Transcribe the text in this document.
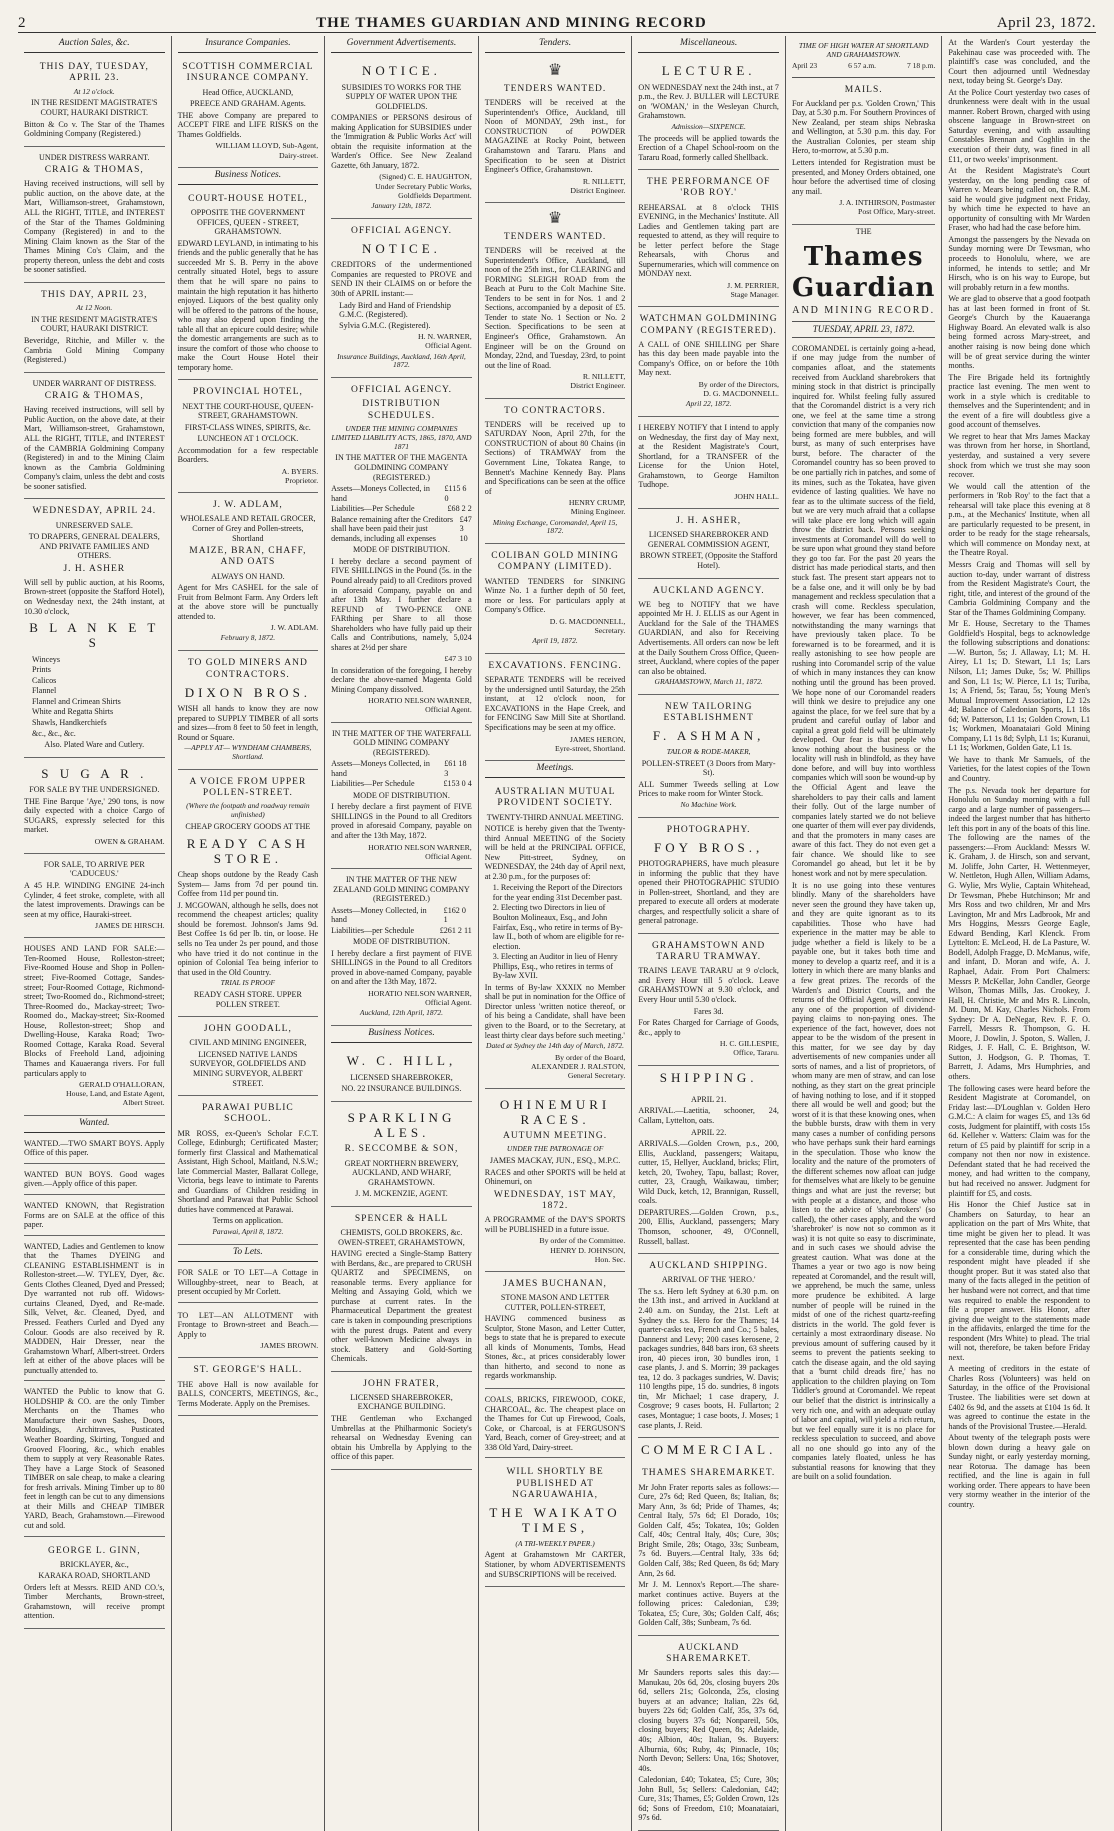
2	THE THAMES GUARDIAN AND MINING RECORD	April 23, 1872.
Auction Sales, &c.
THIS DAY, TUESDAY, APRIL 23.
At 12 o'clock.
IN THE RESIDENT MAGISTRATE'S COURT, HAURAKI DISTRICT.
Bitton & Co v. The Star of the Thames Goldmining Company (Registered.)
UNDER DISTRESS WARRANT.
CRAIG & THOMAS,
Having received instructions, will sell by public auction, on the above date, at the Mart, Williamson-street, Grahamstown, ALL the RIGHT, TITLE, and INTEREST of the Star of the Thames Goldmining Company (Registered) in and to the Mining Claim known as the Star of the Thames Mining Co's Claim, and the property thereon, unless the debt and costs be sooner satisfied.
THIS DAY, APRIL 23,
At 12 Noon.
IN THE RESIDENT MAGISTRATE'S COURT, HAURAKI DISTRICT.
Beveridge, Ritchie, and Miller v. the Cambria Gold Mining Company (Registered.)
UNDER WARRANT OF DISTRESS.
CRAIG & THOMAS,
Having received instructions, will sell by Public Auction, on the above date, at their Mart, Williamson-street, Grahamstown, ALL the RIGHT, TITLE, and INTEREST of the CAMBRIA Goldmining Company (Registered) in and to the Mining Claim known as the Cambria Goldmining Company's claim, unless the debt and costs be sooner satisfied.
WEDNESDAY, APRIL 24.
UNRESERVED SALE.
TO DRAPERS, GENERAL DEALERS, AND PRIVATE FAMILIES AND OTHERS.
J. H. ASHER
Will sell by public auction, at his Rooms, Brown-street (opposite the Stafford Hotel), on Wednesday next, the 24th instant, at 10.30 o'clock,
B L A N K E T S
Winceys
Prints
Calicos
Flannel
Flannel and Crimean Shirts
White and Regatta Shirts
Shawls, Handkerchiefs
&c., &c., &c.
Also. Plated Ware and Cutlery.
S U G A R .
FOR SALE BY THE UNDERSIGNED.
THE Fine Barque 'Aye,' 290 tons, is now daily expected with a choice Cargo of SUGARS, expressly selected for this market.
OWEN & GRAHAM.
FOR SALE, TO ARRIVE PER 'CADUCEUS.'
A 45 H.P. WINDING ENGINE 24-inch Cylinder, 4 feet stroke, complete, with all the latest improvements. Drawings can be seen at my office, Hauraki-street.
JAMES DE HIRSCH.
HOUSES AND LAND FOR SALE:— Ten-Roomed House, Rolleston-street; Five-Roomed House and Shop in Pollen-street; Five-Roomed Cottage, Sandes-street; Four-Roomed Cottage, Richmond-street; Two-Roomed do., Richmond-street; Three-Roomed do., Mackay-street; Two-Roomed do., Mackay-street; Six-Roomed House, Rolleston-street; Shop and Dwelling-House, Karaka Road; Two-Roomed Cottage, Karaka Road. Several Blocks of Freehold Land, adjoining Thames and Kauaeranga rivers. For full particulars apply to
GERALD O'HALLORAN,
House, Land, and Estate Agent,
Albert Street.
Wanted.
WANTED.—TWO SMART BOYS. Apply Office of this paper.
WANTED BUN BOYS. Good wages given.—Apply office of this paper.
WANTED KNOWN, that Registration Forms are on SALE at the office of this paper.
WANTED, Ladies and Gentlemen to know that the Thames DYEING and CLEANING ESTABLISHMENT is in Rolleston-street.—W. TYLEY, Dyer, &c. Gents Clothes Cleaned, Dyed and Pressed; Dye warranted not rub off. Widows-curtains Cleaned, Dyed, and Re-made. Silk, Velvet, &c. Cleaned, Dyed, and Pressed. Feathers Curled and Dyed any Colour. Goods are also received by R. MADDEN, Hair Dresser, near the Grahamstown Wharf, Albert-street. Orders left at either of the above places will be punctually attended to.
WANTED the Public to know that G. HOLDSHIP & CO. are the only Timber Merchants on the Thames who Manufacture their own Sashes, Doors, Mouldings, Architraves, Pusticated Weather Boarding, Skirting, Tongued and Grooved Flooring, &c., which enables them to supply at very Reasonable Rates. They have a Large Stock of Seasoned TIMBER on sale cheap, to make a clearing for fresh arrivals. Mining Timber up to 80 feet in length can be cut to any dimensions at their Mills and CHEAP TIMBER YARD, Beach, Grahamstown.—Firewood cut and sold.
GEORGE L. GINN,
BRICKLAYER, &c.,
KARAKA ROAD, SHORTLAND
Orders left at Messrs. REID AND CO.'s, Timber Merchants, Brown-street, Grahamstown, will receive prompt attention.
Insurance Companies.
SCOTTISH COMMERCIAL INSURANCE COMPANY.
Head Office, AUCKLAND,
PREECE AND GRAHAM. Agents.
THE above Company are prepared to ACCEPT FIRE and LIFE RISKS on the Thames Goldfields.
WILLIAM LLOYD, Sub-Agent,
Dairy-street.
Business Notices.
COURT-HOUSE HOTEL,
OPPOSITE THE GOVERNMENT OFFICES, QUEEN - STREET, GRAHAMSTOWN.
EDWARD LEYLAND, in intimating to his friends and the public generally that he has succeeded Mr S. B. Perry in the above centrally situated Hotel, begs to assure them that he will spare no pains to maintain the high reputation it has hitherto enjoyed. Liquors of the best quality only will be offered to the patrons of the house, who may also depend upon finding the table all that an epicure could desire; while the domestic arrangements are such as to insure the comfort of those who choose to make the Court House Hotel their temporary home.
PROVINCIAL HOTEL,
NEXT THE COURT-HOUSE, QUEEN-STREET, GRAHAMSTOWN.
FIRST-CLASS WINES, SPIRITS, &c.
LUNCHEON AT 1 O'CLOCK.
Accommodation for a few respectable Boarders.
A. BYERS.
Proprietor.
J. W. ADLAM,
WHOLESALE AND RETAIL GROCER, Corner of Grey and Pollen-streets, Shortland
MAIZE, BRAN, CHAFF, AND OATS
ALWAYS ON HAND.
Agent for Mrs CASHEL for the sale of Fruit from Belmont Farm. Any Orders left at the above store will be punctually attended to.
J. W. ADLAM.
February 8, 1872.
TO GOLD MINERS AND CONTRACTORS.
DIXON BROS.
WISH all hands to know they are now prepared to SUPPLY TIMBER of all sorts and sizes—from 8 feet to 50 feet in length, Round or Square.
—APPLY AT— WYNDHAM CHAMBERS, Shortland.
A VOICE FROM UPPER POLLEN-STREET.
(Where the footpath and roadway remain unfinished)
CHEAP GROCERY GOODS AT THE
READY CASH STORE.
Cheap shops outdone by the Ready Cash System— Jams from 7d per pound tin. Coffee from 11d per pound tin.
J. MCGOWAN, although he sells, does not recommend the cheapest articles; quality should be foremost. Johnson's Jams 9d. Best Coffee 1s 6d per lb. tin, or loose. He sells no Tea under 2s per pound, and those who have tried it do not continue in the opinion of Colonial Tea being inferior to that used in the Old Country.
TRIAL IS PROOF
READY CASH STORE. UPPER POLLEN STREET.
JOHN GOODALL,
CIVIL AND MINING ENGINEER,
LICENSED NATIVE LANDS SURVEYOR, GOLDFIELDS AND MINING SURVEYOR, ALBERT STREET.
PARAWAI PUBLIC SCHOOL.
MR ROSS, ex-Queen's Scholar F.C.T. College, Edinburgh; Certificated Master; formerly first Classical and Mathematical Assistant, High School, Maitland, N.S.W.; late Commercial Master, Ballarat College, Victoria, begs leave to intimate to Parents and Guardians of Children residing in Shortland and Parawai that Public School duties have commenced at Parawai.
Terms on application.
Parawai, April 8, 1872.
To Lets.
FOR SALE or TO LET—A Cottage in Willoughby-street, near to Beach, at present occupied by Mr Corlett.
TO LET—AN ALLOTMENT with Frontage to Brown-street and Beach.— Apply to
JAMES BROWN.
ST. GEORGE'S HALL.
THE above Hall is now available for BALLS, CONCERTS, MEETINGS, &c., Terms Moderate. Apply on the Premises.
Government Advertisements.
NOTICE.
SUBSIDIES TO WORKS FOR THE SUPPLY OF WATER UPON THE GOLDFIELDS.
COMPANIES or PERSONS desirous of making Application for SUBSIDIES under the 'Immigration & Public Works Act' will obtain the requisite information at the Warden's Office. See New Zealand Gazette, 6th January, 1872.
(Signed) C. E. HAUGHTON,
Under Secretary Public Works,
Goldfields Department.
January 12th, 1872.
OFFICIAL AGENCY.
NOTICE.
CREDITORS of the undermentioned Companies are requested to PROVE and SEND IN their CLAIMS on or before the 30th of APRIL instant:—
Lady Bird and Hand of Friendship G.M.C. (Registered).
Sylvia G.M.C. (Registered).
H. N. WARNER,
Official Agent.
Insurance Buildings, Auckland, 16th April, 1872.
OFFICIAL AGENCY.
DISTRIBUTION SCHEDULES.
UNDER THE MINING COMPANIES LIMITED LIABILITY ACTS, 1865, 1870, AND 1871
IN THE MATTER OF THE MAGENTA GOLDMINING COMPANY (REGISTERED.)
Assets—Moneys Collected, in hand
£115 6 0
Liabilities—Per Schedule	£68 2 2
Balance remaining after the Creditors shall have been paid their just demands, including all expenses
£47 3 10
MODE OF DISTRIBUTION.
I hereby declare a second payment of FIVE SHILLINGS in the Pound (5s. in the Pound already paid) to all Creditors proved in aforesaid Company, payable on and after 13th May. I further declare a REFUND of TWO-PENCE ONE FARthing per Share to all those Shareholders who have fully paid up their Calls and Contributions, namely, 5,024 shares at 2½d per share
£47 3 10
In consideration of the foregoing, I hereby declare the above-named Magenta Gold Mining Company dissolved.
HORATIO NELSON WARNER,
Official Agent.
IN THE MATTER OF THE WATERFALL GOLD MINING COMPANY (REGISTERED).
Assets—Moneys Collected, in hand
£61 18 3
Liabilities—Per Schedule	£153 0 4
MODE OF DISTRIBUTION.
I hereby declare a first payment of FIVE SHILLINGS in the Pound to all Creditors proved in aforesaid Company, payable on and after the 13th May, 1872.
HORATIO NELSON WARNER,
Official Agent.
IN THE MATTER OF THE NEW ZEALAND GOLD MINING COMPANY (REGISTERED.)
Assets—Money Collected, in hand
£162 0 1
Liabilities—per Schedule	£261 2 11
MODE OF DISTRIBUTION.
I hereby declare a first payment of FIVE SHILLINGS in the Pound to all Creditors proved in above-named Company, payable on and after the 13th May, 1872.
HORATIO NELSON WARNER,
Official Agent.
Auckland, 12th April, 1872.
Business Notices.
W. C. HILL,
LICENSED SHAREBROKER,
NO. 22 INSURANCE BUILDINGS.
SPARKLING ALES.
R. SECCOMBE & SON,
GREAT NORTHERN BREWERY, AUCKLAND, AND WHARF, GRAHAMSTOWN.
J. M. MCKENZIE, AGENT.
SPENCER & HALL
CHEMISTS, GOLD BROKERS, &c. OWEN-STREET, GRAHAMSTOWN,
HAVING erected a Single-Stamp Battery with Berdans, &c., are prepared to CRUSH QUARTZ and SPECIMENS, on reasonable terms. Every appliance for Melting and Assaying Gold, which we purchase at current rates. In the Pharmaceutical Department the greatest care is taken in compounding prescriptions with the purest drugs. Patent and every other well-known Medicine always in stock. Battery and Gold-Sorting Chemicals.
JOHN FRATER,
LICENSED SHAREBROKER, EXCHANGE BUILDING.
THE Gentleman who Exchanged Umbrellas at the Philharmonic Society's rehearsal on Wednesday Evening can obtain his Umbrella by Applying to the office of this paper.
Tenders.
♛
TENDERS WANTED.
TENDERS will be received at the Superintendent's Office, Auckland, till Noon of MONDAY, 29th inst., for CONSTRUCTION of POWDER MAGAZINE at Rocky Point, between Grahamstown and Tararu. Plans and Specification to be seen at District Engineer's Office, Grahamstown.
R. NILLETT,
District Engineer.
♛
TENDERS WANTED.
TENDERS will be received at the Superintendent's Office, Auckland, till noon of the 25th inst., for CLEARING and FORMING SLEIGH ROAD from the Beach at Puru to the Colt Machine Site. Tenders to be sent in for Nos. 1 and 2 Sections, accompanied by a deposit of £5. Tender to state No. 1 Section or No. 2 Section. Specifications to be seen at Engineer's Office, Grahamstown. An Engineer will be on the Ground on Monday, 22nd, and Tuesday, 23rd, to point out the line of Road.
R. NILLETT,
District Engineer.
TO CONTRACTORS.
TENDERS will be received up to SATURDAY Noon, April 27th, for the CONSTRUCTION of about 80 Chains (in Sections) of TRAMWAY from the Government Line, Tokatea Range, to Bennett's Machine Kennedy Bay. Plans and Specifications can be seen at the office of
HENRY CRUMP,
Mining Engineer.
Mining Exchange, Coromandel, April 15, 1872.
COLIBAN GOLD MINING COMPANY (LIMITED).
WANTED TENDERS for SINKING Winze No. 1 a further depth of 50 feet, more or less. For particulars apply at Company's Office.
D. G. MACDONNELL,
Secretary.
April 19, 1872.
EXCAVATIONS. FENCING.
SEPARATE TENDERS will be received by the undersigned until Saturday, the 25th instant, at 12 o'clock noon, for EXCAVATIONS in the Hape Creek, and for FENCING Saw Mill Site at Shortland. Specifications may be seen at my office.
JAMES HERON,
Eyre-street, Shortland.
Meetings.
AUSTRALIAN MUTUAL PROVIDENT SOCIETY.
TWENTY-THIRD ANNUAL MEETING.
NOTICE is hereby given that the Twenty-third Annual MEETING of the Society will be held at the PRINCIPAL OFFICE, New Pitt-street, Sydney, on WEDNESDAY, the 24th day of April next, at 2.30 p.m., for the purposes of:
1. Receiving the Report of the Directors for the year ending 31st December past.
2. Electing two Directors in lieu of Boulton Molineaux, Esq., and John Fairfax, Esq., who retire in terms of By-law II., both of whom are eligible for re-election.
3. Electing an Auditor in lieu of Henry Phillips, Esq., who retires in terms of By-law XVII.
In terms of By-law XXXIX no Member shall be put in nomination for the Office of Director unless 'written notice thereof, or of his being a Candidate, shall have been given to the Board, or to the Secretary, at least thirty clear days before such meeting.'
Dated at Sydney the 14th day of March, 1872.
By order of the Board,
ALEXANDER J. RALSTON,
General Secretary.
OHINEMURI RACES.
AUTUMN MEETING.
UNDER THE PATRONAGE OF
JAMES MACKAY, JUN., ESQ., M.P.C.
RACES and other SPORTS will be held at Ohinemuri, on
WEDNESDAY, 1ST MAY, 1872.
A PROGRAMME of the DAY'S SPORTS will be PUBLISHED in a future issue.
By order of the Committee.
HENRY D. JOHNSON,
Hon. Sec.
JAMES BUCHANAN,
STONE MASON AND LETTER CUTTER, POLLEN-STREET,
HAVING commenced business as Sculptor, Stone Mason, and Letter Cutter, begs to state that he is prepared to execute all kinds of Monuments, Tombs, Head Stones, &c., at prices considerably lower than hitherto, and second to none as regards workmanship.
COALS, BRICKS, FIREWOOD, COKE, CHARCOAL, &c. The cheapest place on the Thames for Cut up Firewood, Coals, Coke, or Charcoal, is at FERGUSON'S Yard, Beach, corner of Grey-street; and at 338 Old Yard, Dairy-street.
WILL SHORTLY BE PUBLISHED AT NGARUAWAHIA,
THE WAIKATO TIMES,
(A TRI-WEEKLY PAPER.)
Agent at Grahamstown Mr CARTER, Stationer, by whom ADVERTISEMENTS and SUBSCRIPTIONS will be received.
Miscellaneous.
LECTURE.
ON WEDNESDAY next the 24th inst., at 7 p.m., the Rev. J. BULLER will LECTURE on 'WOMAN,' in the Wesleyan Church, Grahamstown.
Admission—SIXPENCE.
The proceeds will be applied towards the Erection of a Chapel School-room on the Tararu Road, formerly called Shellback.
THE PERFORMANCE OF 'ROB ROY.'
REHEARSAL at 8 o'clock THIS EVENING, in the Mechanics' Institute. All Ladies and Gentlemen taking part are requested to attend, as they will require to be letter perfect before the Stage Rehearsals, with Chorus and Supernumeraries, which will commence on MONDAY next.
J. M. PERRIER,
Stage Manager.
WATCHMAN GOLDMINING COMPANY (REGISTERED).
A CALL of ONE SHILLING per Share has this day been made payable into the Company's Office, on or before the 10th May next.
By order of the Directors,
D. G. MACDONNELL.
April 22, 1872.
I HEREBY NOTIFY that I intend to apply on Wednesday, the first day of May next, at the Resident Magistrate's Court, Shortland, for a TRANSFER of the License for the Union Hotel, Grahamstown, to George Hamilton Tudhope.
JOHN HALL.
J. H. ASHER,
LICENSED SHAREBROKER AND GENERAL COMMISSION AGENT,
BROWN STREET, (Opposite the Stafford Hotel).
AUCKLAND AGENCY.
WE beg to NOTIFY that we have appointed Mr H. J. ELLIS as our Agent in Auckland for the Sale of the THAMES GUARDIAN, and also for Receiving Advertisements. All orders can now be left at the Daily Southern Cross Office, Queen-street, Auckland, where copies of the paper can also be obtained.
GRAHAMSTOWN, March 11, 1872.
NEW TAILORING ESTABLISHMENT
F. ASHMAN,
TAILOR & RODE-MAKER,
POLLEN-STREET (3 Doors from Mary-St).
ALL Summer Tweeds selling at Low Prices to make room for Winter Stock.
No Machine Work.
PHOTOGRAPHY.
FOY BROS.,
PHOTOGRAPHERS, have much pleasure in informing the public that they have opened their PHOTOGRAPHIC STUDIO in Pollen-street, Shortland, and they are prepared to execute all orders at moderate charges, and respectfully solicit a share of general patronage.
GRAHAMSTOWN AND TARARU TRAMWAY.
TRAINS LEAVE TARARU at 9 o'clock, and Every Hour till 5 o'clock. Leave GRAHAMSTOWN at 9.30 o'clock, and Every Hour until 5.30 o'clock.
Fares 3d.
For Rates Charged for Carriage of Goods, &c., apply to
H. C. GILLESPIE,
Office, Tararu.
SHIPPING.
APRIL 21.
ARRIVAL.—Laetitia, schooner, 24, Callam, Lyttelton, oats.
APRIL 22.
ARRIVALS.—Golden Crown, p.s., 200, Ellis, Auckland, passengers; Waitapu, cutter, 15, Hellyer, Auckland, bricks; Flirt, ketch, 20, Twohey, Tapu, ballast; Rover, cutter, 23, Craugh, Waikawau, timber; Wild Duck, ketch, 12, Brannigan, Russell, coals.
DEPARTURES.—Golden Crown, p.s., 200, Ellis, Auckland, passengers; Mary Thomson, schooner, 49, O'Connell, Russell, ballast.
AUCKLAND SHIPPING.
ARRIVAL OF THE 'HERO.'
The s.s. Hero left Sydney at 6.30 p.m. on the 13th inst., and arrived in Auckland at 2.40 a.m. on Sunday, the 21st. Left at Sydney the s.s. Hero for the Thames; 14 quarter-casks tea, French and Co.; 5 bales, Dannerst and Levy; 200 cases kerosene, 2 packages sundries, 848 bars iron, 63 sheets iron, 40 pieces iron, 30 bundles iron, 1 case plants, J. and S. Morrin; 39 packages tea, 12 do. 3 packages sundries, W. Davis; 110 lengths pipe, 15 do. sundries, 8 ingots tin, Mr Michael; 1 case drapery, J. Cosgrove; 9 cases boots, H. Fullarton; 2 cases, Montague; 1 case boots, J. Moses; 1 case plants, J. Reid.
COMMERCIAL.
THAMES SHAREMARKET.
Mr John Frater reports sales as follows:— Cure, 27s 6d; Red Queen, 8s; Italian, 8s; Mary Ann, 3s 6d; Pride of Thames, 4s; Central Italy, 57s 6d; El Dorado, 10s; Golden Calf, 45s; Tokatea, 10s; Golden Calf, 40s; Central Italy, 40s; Cure, 30s; Bright Smile, 28s; Otago, 33s; Sunbeam, 7s 6d. Buyers.—Central Italy, 33s 6d; Golden Calf, 38s; Red Queen, 8s 6d; Mary Ann, 2s 6d.
Mr J. M. Lennox's Report.—The share-market continues active. Buyers at the following prices: Caledonian, £39; Tokatea, £5; Cure, 30s; Golden Calf, 46s; Golden Calf, 38s; Sunbeam, 7s 6d.
AUCKLAND SHAREMARKET.
Mr Saunders reports sales this day:—Manukau, 20s 6d, 20s, closing buyers 20s 6d, sellers 21s; Golconda, 25s, closing buyers at an advance; Italian, 22s 6d, buyers 22s 6d; Golden Calf, 35s, 37s 6d, closing buyers 37s 6d; Nonpareil, 50s, closing buyers; Red Queen, 8s; Adelaide, 40s; Albion, 40s; Italian, 9s. Buyers: Alburnia, 60s; Ruby, 4s; Pinnacle, 10s; North Devon; Sellers: Una, 16s; Shotover, 40s.
Caledonian, £40; Tokatea, £5; Cure, 30s; John Bull, 5s; Sellers: Caledonian, £42; Cure, 31s; Thames, £5; Golden Crown, 12s 6d; Sons of Freedom, £10; Moanataiari, 97s 6d.
TIME OF HIGH WATER AT SHORTLAND AND GRAHAMSTOWN.
April 23	6 57 a.m.	7 18 p.m.
MAILS.
For Auckland per p.s. 'Golden Crown,' This Day, at 5.30 p.m. For Southern Provinces of New Zealand, per steam ships Nebraska and Wellington, at 5.30 p.m. this day. For the Australian Colonies, per steam ship Hero, to-morrow, at 5.30 p.m.
Letters intended for Registration must be presented, and Money Orders obtained, one hour before the advertised time of closing any mail.
J. A. INTHIRSON, Postmaster
Post Office, Mary-street.
THE
Thames Guardian
AND MINING RECORD.
TUESDAY, APRIL 23, 1872.
COROMANDEL is certainly going a-head, if one may judge from the number of companies afloat, and the statements received from Auckland sharebrokers that mining stock in that district is principally inquired for. Whilst feeling fully assured that the Coromandel district is a very rich one, we feel at the same time a strong conviction that many of the companies now being formed are mere bubbles, and will burst, as many of such enterprises have burst, before. The character of the Coromandel country has so been proved to be one partially rich in patches, and some of its mines, such as the Tokatea, have given evidence of lasting qualities. We have no fear as to the ultimate success of the field, but we are very much afraid that a collapse will take place ere long which will again throw the district back. Persons seeking investments at Coromandel will do well to be sure upon what ground they stand before they go too far. For the past 20 years the district has made periodical starts, and then stuck fast. The present start appears not to be a false one, and it will only be by bad management and reckless speculation that a crash will come. Reckless speculation, however, we fear has been commenced, notwithstanding the many warnings that have previously taken place. To be forewarned is to be forearmed, and it is really astonishing to see how people are rushing into Coromandel scrip of the value of which in many instances they can know nothing until the ground has been proved. We hope none of our Coromandel readers will think we desire to prejudice any one against the place, for we feel sure that by a prudent and careful outlay of labor and capital a great gold field will be ultimately developed. Our fear is that people who know nothing about the business or the locality will rush in blindfold, as they have done before, and will buy into worthless companies which will soon be wound-up by the Official Agent and leave the shareholders to pay their calls and lament their folly. Out of the large number of companies lately started we do not believe one quarter of them will ever pay dividends, and that the promoters in many cases are aware of this fact. They do not even get a fair chance. We should like to see Coromandel go ahead, but let it be by honest work and not by mere speculation.
It is no use going into these ventures blindly. Many of the shareholders have never seen the ground they have taken up, and they are quite ignorant as to its capabilities. Those who have had experience in the matter may be able to judge whether a field is likely to be a payable one, but it takes both time and money to develop a quartz reef, and it is a lottery in which there are many blanks and a few great prizes. The records of the Warden's and District Courts, and the returns of the Official Agent, will convince any one of the proportion of dividend-paying claims to non-paying ones. The experience of the fact, however, does not appear to be the wisdom of the present in this matter, for we see day by day advertisements of new companies under all sorts of names, and a list of proprietors, of whom many are men of straw, and can lose nothing, as they start on the great principle of having nothing to lose, and if it stopped there all would be well and good; but the worst of it is that these knowing ones, when the bubble bursts, draw with them in very many cases a number of confiding persons who have perhaps sunk their hard earnings in the speculation. Those who know the locality and the nature of the promoters of the different schemes now afloat can judge for themselves what are likely to be genuine things and what are just the reverse; but with people at a distance, and those who listen to the advice of 'sharebrokers' (so called), the other cases apply, and the word 'sharebroker' is now not so common as it was) it is not quite so easy to discriminate, and in such cases we should advise the greatest caution. What was done at the Thames a year or two ago is now being repeated at Coromandel, and the result will, we apprehend, be much the same, unless more prudence be exhibited. A large number of people will be ruined in the midst of one of the richest quartz-reefing districts in the world. The gold fever is certainly a most extraordinary disease. No previous amount of suffering caused by it seems to prevent the patients seeking to catch the disease again, and the old saying that a 'burnt child dreads fire,' has no application to the children playing on Tom Tiddler's ground at Coromandel. We repeat our belief that the district is intrinsically a very rich one, and with an adequate outlay of labor and capital, will yield a rich return, but we feel equally sure it is no place for reckless speculation to succeed, and above all no one should go into any of the companies lately floated, unless he has substantial reasons for knowing that they are built on a solid foundation.
At the Warden's Court yesterday the Pakehinau case was proceeded with. The plaintiff's case was concluded, and the Court then adjourned until Wednesday next, today being St. George's Day.
At the Police Court yesterday two cases of drunkenness were dealt with in the usual manner. Robert Brown, charged with using obscene language in Brown-street on Saturday evening, and with assaulting Constables Brennan and Coghlin in the execution of their duty, was fined in all £11, or two weeks' imprisonment.
At the Resident Magistrate's Court yesterday, on the long pending case of Warren v. Mears being called on, the R.M. said he would give judgment next Friday, by which time he expected to have an opportunity of consulting with Mr Warden Fraser, who had had the case before him.
Amongst the passengers by the Nevada on Sunday morning were Dr Tewsman, who proceeds to Honolulu, where, we are informed, he intends to settle; and Mr Hirsch, who is on his way to Europe, but will probably return in a few months.
We are glad to observe that a good footpath has at last been formed in front of St. George's Church by the Kauaeranga Highway Board. An elevated walk is also being formed across Mary-street, and another raising is now being done which will be of great service during the winter months.
The Fire Brigade held its fortnightly practice last evening. The men went to work in a style which is creditable to themselves and the Superintendent; and in the event of a fire will doubtless give a good account of themselves.
We regret to hear that Mrs James Mackay was thrown from her horse, in Shortland, yesterday, and sustained a very severe shock from which we trust she may soon recover.
We would call the attention of the performers in 'Rob Roy' to the fact that a rehearsal will take place this evening at 8 p.m., at the Mechanics' Institute, when all are particularly requested to be present, in order to be ready for the stage rehearsals, which will commence on Monday next, at the Theatre Royal.
Messrs Craig and Thomas will sell by auction to-day, under warrant of distress from the Resident Magistrate's Court, the right, title, and interest of the ground of the Cambria Goldmining Company and the Star of the Thames Goldmining Company.
Mr E. House, Secretary to the Thames Goldfield's Hospital, begs to acknowledge the following subscriptions and donations:—W. Burton, 5s; J. Allaway, L1; M. H. Airey, L1 1s; D. Stewart, L1 1s; Lars Nilson, L1; James Duke, 5s; W. Phillips and Son, L1 1s; W. Pierce, L1 1s; Turiba, 1s; A Friend, 5s; Tarau, 5s; Young Men's Mutual Improvement Association, L2 12s 4d; Balance of Caledonian Sports, L1 18s 6d; W. Patterson, L1 1s; Golden Crown, L1 1s; Workmen, Moanataiari Gold Mining Company, L1 1s 8d; Sylph, L1 1s; Kuranui, L1 1s; Workmen, Golden Gate, L1 1s.
We have to thank Mr Samuels, of the Varieties, for the latest copies of the Town and Country.
The p.s. Nevada took her departure for Honolulu on Sunday morning with a full cargo and a large number of passengers—indeed the largest number that has hitherto left this port in any of the boats of this line. The following are the names of the passengers:—From Auckland: Messrs W. K. Graham, J. de Hirsch, son and servant, M. Joliffe, John Carter, H. Wettenmeyer, W. Nettleton, Hugh Allen, William Adams, G. Wylie, Mrs Wylie, Captain Whitehead, Dr Tewsman, Phebe Hutchinson; Mr and Mrs Ross and two children, Mr and Mrs Lavington, Mr and Mrs Ladbrook, Mr and Mrs Hoggins, Messrs George Eagle, Edward Bending, Karl Klenck. From Lyttelton: E. McLeod, H. de La Pasture, W. Bodell, Adolph Fragge, D. McManus, wife, and infant, D. Moran and wife, A. J. Raphael, Adair. From Port Chalmers: Messrs P. McKellar, John Candler, George Wilson, Thomas Mills, Jas. Crookey, J. Hall, H. Christie, Mr and Mrs R. Lincoln, M. Dunn, M. Kay, Charles Nichols. From Sydney: Dr A. DeNegar, Rev. F. F. O. Farrell, Messrs R. Thompson, G. H. Moore, J. Dowlin, J. Spoton, S. Wallen, J. Ridges, J. F. Hall, C. E. Brightson, W. Sutton, J. Hodgson, G. P. Thomas, T. Barrett, J. Adams, Mrs Humphries, and others.
The following cases were heard before the Resident Magistrate at Coromandel, on Friday last:—D'Loughlan v. Golden Hero G.M.C.: A claim for wages £5, and 13s 6d costs, Judgment for plaintiff, with costs 15s 6d. Kelleher v. Watters: Claim was for the return of £5 paid by plaintiff for scrip in a company not then nor now in existence. Defendant stated that he had received the money, and had written to the company, but had received no answer. Judgment for plaintiff for £5, and costs.
His Honor the Chief Justice sat in Chambers on Saturday, to hear an application on the part of Mrs White, that time might be given her to plead. It was represented that the case has been pending for a considerable time, during which the respondent might have pleaded if she thought proper. But it was stated also that many of the facts alleged in the petition of her husband were not correct, and that time was required to enable the respondent to file a proper answer. His Honor, after giving due weight to the statements made in the affidavits, enlarged the time for the respondent (Mrs White) to plead. The trial will not, therefore, be taken before Friday next.
A meeting of creditors in the estate of Charles Ross (Volunteers) was held on Saturday, in the office of the Provisional Trustee. The liabilities were set down at £402 6s 9d, and the assets at £104 1s 6d. It was agreed to continue the estate in the hands of the Provisional Trustee.—Herald.
About twenty of the telegraph posts were blown down during a heavy gale on Sunday night, or early yesterday morning, near Rotorua. The damage has been rectified, and the line is again in full working order. There appears to have been very stormy weather in the interior of the country.
